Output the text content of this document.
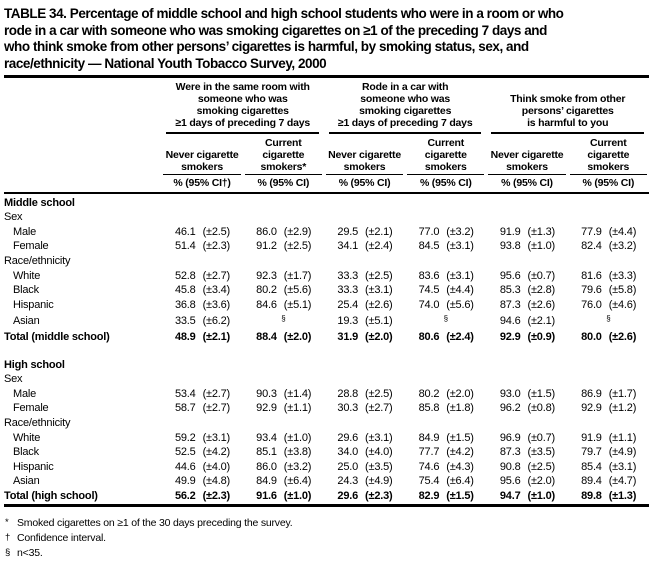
TABLE 34. Percentage of middle school and high school students who were in a room or who
rode in a car with someone who was smoking cigarettes on ≥1 of the preceding 7 days and
who think smoke from other persons’ cigarettes is harmful, by smoking status, sex, and
race/ethnicity — National Youth Tobacco Survey, 2000

	Were in the same room with
someone who was
smoking cigarettes
≥1 days of preceding 7 days				Rode in a car with
someone who was
smoking cigarettes
≥1 days of preceding 7 days				Think smoke from other
persons’ cigarettes
is harmful to you			

	Never cigarette smokers		Current cigarette smokers*		Never cigarette smokers		Current cigarette smokers		Never cigarette smokers		Current cigarette smokers	

	% (95% CI†)		% (95% CI)		% (95% CI)		% (95% CI)		% (95% CI)		% (95% CI)	
Middle school												
Sex												
Male	46.1	(±2.5)	86.0	(±2.9)	29.5	(±2.1)	77.0	(±3.2)	91.9	(±1.3)	77.9	(±4.4)
Female	51.4	(±2.3)	91.2	(±2.5)	34.1	(±2.4)	84.5	(±3.1)	93.8	(±1.0)	82.4	(±3.2)
Race/ethnicity												
White	52.8	(±2.7)	92.3	(±1.7)	33.3	(±2.5)	83.6	(±3.1)	95.6	(±0.7)	81.6	(±3.3)
Black	45.8	(±3.4)	80.2	(±5.6)	33.3	(±3.1)	74.5	(±4.4)	85.3	(±2.8)	79.6	(±5.8)
Hispanic	36.8	(±3.6)	84.6	(±5.1)	25.4	(±2.6)	74.0	(±5.6)	87.3	(±2.6)	76.0	(±4.6)
Asian	33.5	(±6.2)	§		19.3	(±5.1)	§		94.6	(±2.1)	§
Total (middle school)	48.9	(±2.1)	88.4	(±2.0)	31.9	(±2.0)	80.6	(±2.4)	92.9	(±0.9)	80.0	(±2.6)
High school												
Sex												
Male	53.4	(±2.7)	90.3	(±1.4)	28.8	(±2.5)	80.2	(±2.0)	93.0	(±1.5)	86.9	(±1.7)
Female	58.7	(±2.7)	92.9	(±1.1)	30.3	(±2.7)	85.8	(±1.8)	96.2	(±0.8)	92.9	(±1.2)
Race/ethnicity												
White	59.2	(±3.1)	93.4	(±1.0)	29.6	(±3.1)	84.9	(±1.5)	96.9	(±0.7)	91.9	(±1.1)
Black	52.5	(±4.2)	85.1	(±3.8)	34.0	(±4.0)	77.7	(±4.2)	87.3	(±3.5)	79.7	(±4.9)
Hispanic	44.6	(±4.0)	86.0	(±3.2)	25.0	(±3.5)	74.6	(±4.3)	90.8	(±2.5)	85.4	(±3.1)
Asian	49.9	(±4.8)	84.9	(±6.4)	24.3	(±4.9)	75.4	(±6.4)	95.6	(±2.0)	89.4	(±4.7)
Total (high school)	56.2	(±2.3)	91.6	(±1.0)	29.6	(±2.3)	82.9	(±1.5)	94.7	(±1.0)	89.8	(±1.3)
* Smoked cigarettes on ≥1 of the 30 days preceding the survey.
† Confidence interval.
§ n<35.
